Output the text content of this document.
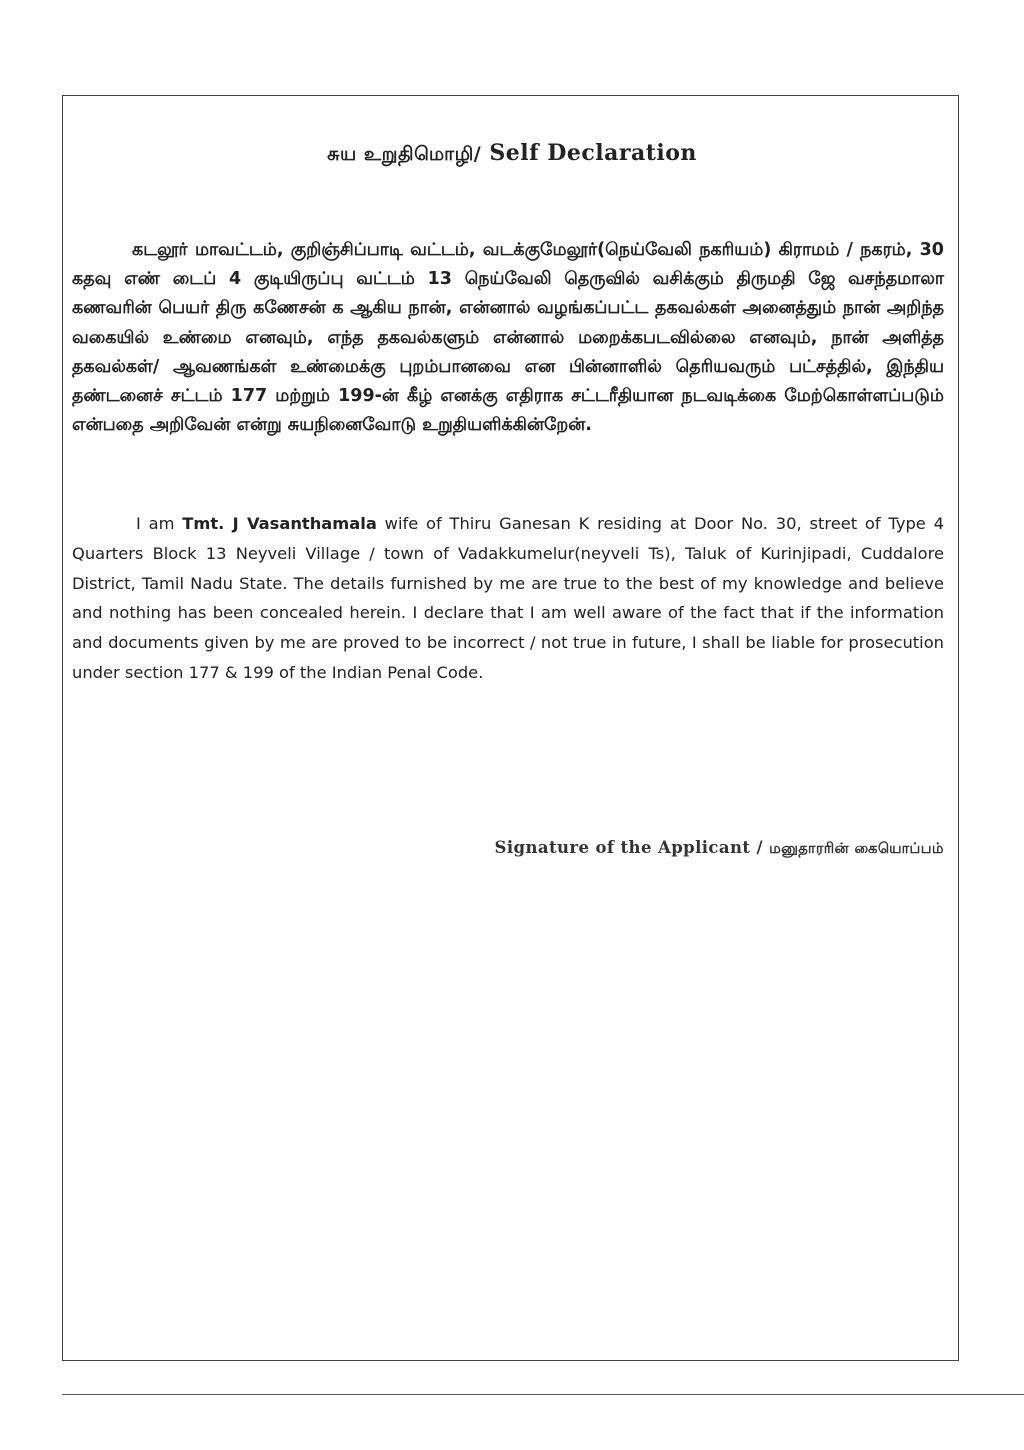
சுய உறுதிமொழி/ Self Declaration

கடலூர் மாவட்டம், குறிஞ்சிப்பாடி வட்டம், வடக்குமேலூர்(நெய்வேலி நகரியம்) கிராமம் / நகரம், 30 கதவு எண் டைப் 4 குடியிருப்பு வட்டம் 13 நெய்வேலி தெருவில் வசிக்கும் திருமதி ஜே வசந்தமாலா கணவரின் பெயர் திரு கணேசன் க ஆகிய நான், என்னால் வழங்கப்பட்ட தகவல்கள் அனைத்தும் நான் அறிந்த வகையில் உண்மை எனவும், எந்த தகவல்களும் என்னால் மறைக்கபடவில்லை எனவும், நான் அளித்த தகவல்கள்/ ஆவணங்கள் உண்மைக்கு புறம்பானவை என பின்னாளில் தெரியவரும் பட்சத்தில், இந்திய தண்டனைச் சட்டம் 177 மற்றும் 199-ன் கீழ் எனக்கு எதிராக சட்டரீதியான நடவடிக்கை மேற்கொள்ளப்படும் என்பதை அறிவேன் என்று சுயநினைவோடு உறுதியளிக்கின்றேன்.

I am Tmt. J Vasanthamala wife of Thiru Ganesan K residing at Door No. 30, street of Type 4 Quarters Block 13 Neyveli Village / town of Vadakkumelur(neyveli Ts), Taluk of Kurinjipadi, Cuddalore District, Tamil Nadu State. The details furnished by me are true to the best of my knowledge and believe and nothing has been concealed herein. I declare that I am well aware of the fact that if the information and documents given by me are proved to be incorrect / not true in future, I shall be liable for prosecution under section 177 & 199 of the Indian Penal Code.

Signature of the Applicant / மனுதாரரின் கையொப்பம்
